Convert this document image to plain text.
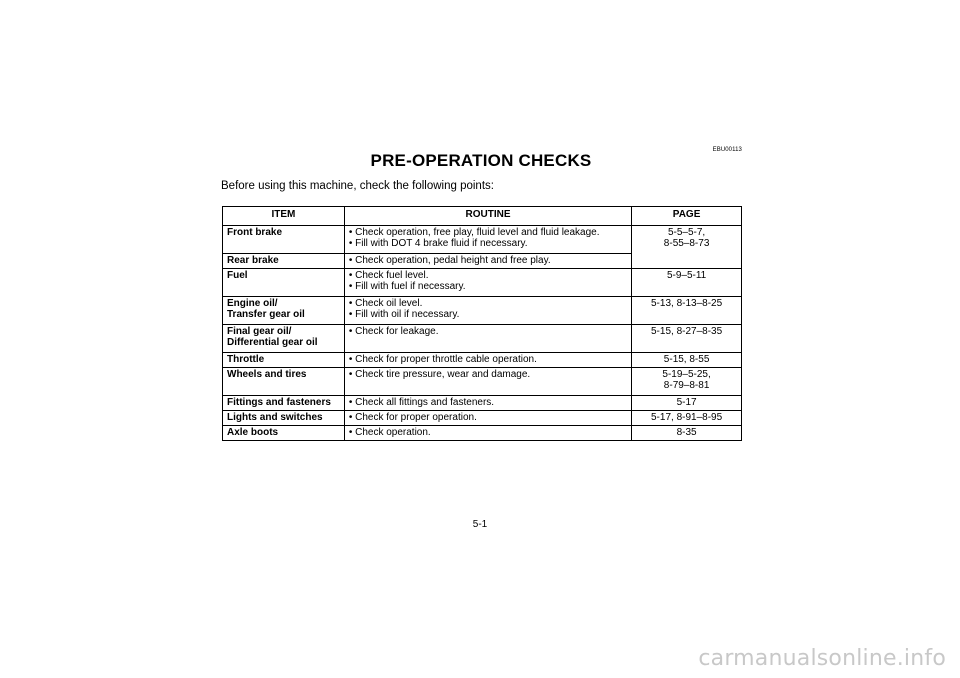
EBU00113
PRE-OPERATION CHECKS
Before using this machine, check the following points:
ITEM	ROUTINE	PAGE

Front brake	• Check operation, free play, fluid level and fluid leakage.
• Fill with DOT 4 brake fluid if necessary.	5-5–5-7,
8-55–8-73

Rear brake	• Check operation, pedal height and free play.	

Fuel	• Check fuel level.
• Fill with fuel if necessary.	5-9–5-11

Engine oil/
Transfer gear oil	• Check oil level.
• Fill with oil if necessary.	5-13, 8-13–8-25

Final gear oil/
Differential gear oil	• Check for leakage.	5-15, 8-27–8-35

Throttle	• Check for proper throttle cable operation.	5-15, 8-55

Wheels and tires	• Check tire pressure, wear and damage.	5-19–5-25,
8-79–8-81

Fittings and fasteners	• Check all fittings and fasteners.	5-17

Lights and switches	• Check for proper operation.	5-17, 8-91–8-95

Axle boots	• Check operation.	8-35
5-1
carmanualsonline.info
